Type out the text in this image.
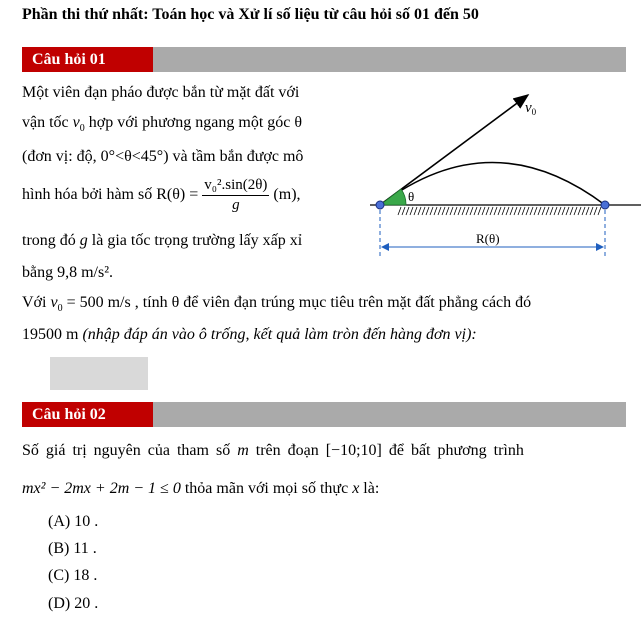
Phần thi thứ nhất: Toán học và Xử lí số liệu từ câu hỏi số 01 đến 50
Câu hỏi 01
Một viên đạn pháo được bắn từ mặt đất với
vận tốc $v_0$ hợp với phương ngang một góc θ
(đơn vị: độ, 0°<θ<45°) và tầm bắn được mô
hình hóa bởi hàm số $R(\theta) = \frac{\text{v₀².sin(2θ)}}{g} (m)$,
trong đó g là gia tốc trọng trường lấy xấp xỉ
bằng 9,8 m/s².
Với $v_0 = 500$ m/s , tính θ để viên đạn trúng mục tiêu trên mặt đất phẳng cách đó
19500 m (nhập đáp án vào ô trống, kết quả làm tròn đến hàng đơn vị):
$v_0$
θ
R(θ)
Câu hỏi 02
Số giá trị nguyên của tham số m trên đoạn [−10;10] để bất phương trình
mx² − 2mx + 2m − 1 ≤ 0 thỏa mãn với mọi số thực x là:
(A) 10 .
(B) 11 .
(C) 18 .
(D) 20 .
